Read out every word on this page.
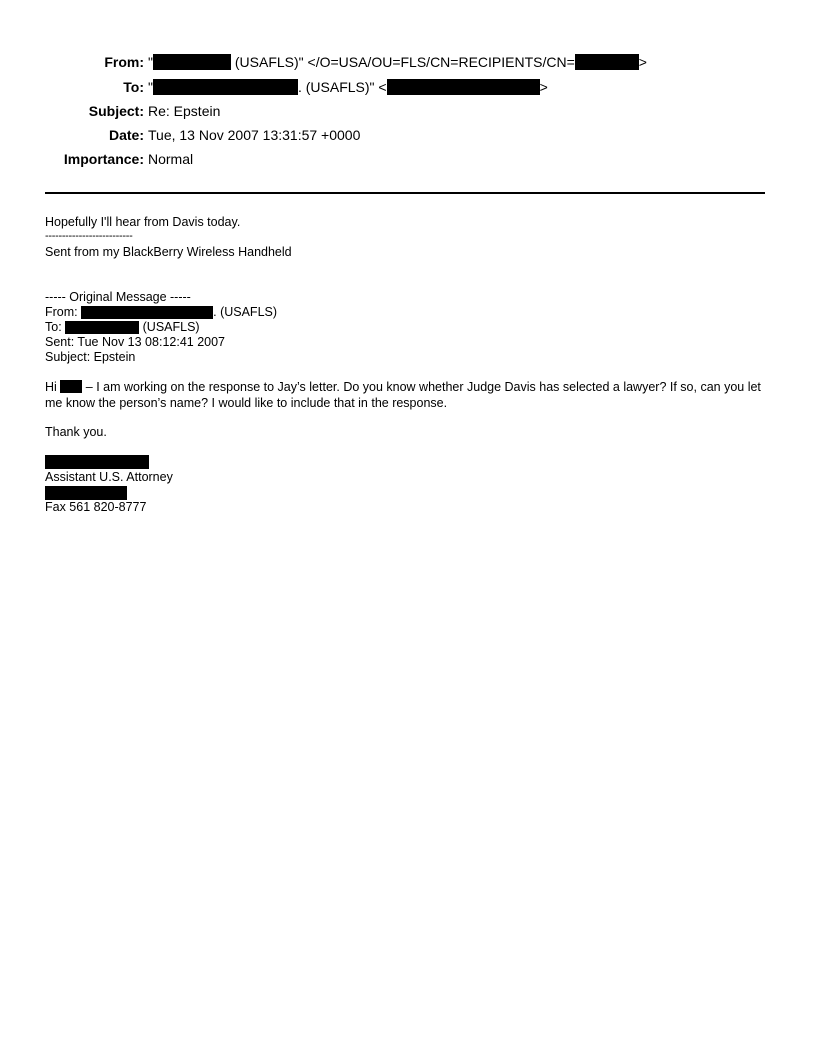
From: "	(USAFLS)" </O=USA/OU=FLS/CN=RECIPIENTS/CN=	>
To: "	. (USAFLS)" <	>
Subject: Re: Epstein
Date: Tue, 13 Nov 2007 13:31:57 +0000
Importance: Normal
Hopefully I'll hear from Davis today.
--------------------------
Sent from my BlackBerry Wireless Handheld
----- Original Message -----
From:	. (USAFLS)
To:	(USAFLS)
Sent: Tue Nov 13 08:12:41 2007
Subject: Epstein
Hi  – I am working on the response to Jay’s letter. Do you know whether Judge Davis has selected a lawyer? If so, can you let me know the person’s name? I would like to include that in the response.
Thank you.
Assistant U.S. Attorney
Fax 561 820-8777
